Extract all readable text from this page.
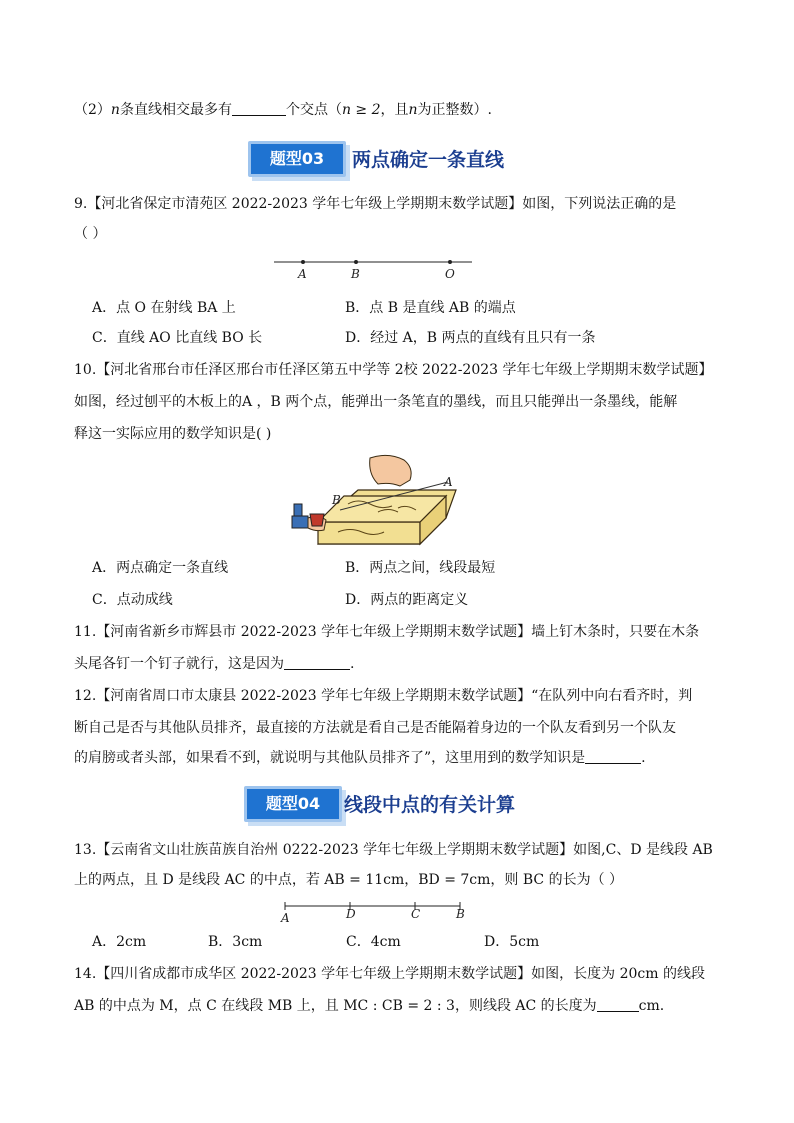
（2）n条直线相交最多有	个交点（n ≥ 2，且n为正整数）.
题型03	两点确定一条直线
9.【河北省保定市清苑区 2022-2023 学年七年级上学期期末数学试题】如图，下列说法正确的是
（ ）
A	B	O
A．点 O 在射线 BA 上	B．点 B 是直线 AB 的端点
C．直线 AO 比直线 BO 长	D．经过 A，B 两点的直线有且只有一条
10.【河北省邢台市任泽区邢台市任泽区第五中学等 2校 2022-2023 学年七年级上学期期末数学试题】
如图，经过刨平的木板上的A ，B 两个点，能弹出一条笔直的墨线，而且只能弹出一条墨线，能解
释这一实际应用的数学知识是( )
B
A
A．两点确定一条直线	B．两点之间，线段最短
C．点动成线	D．两点的距离定义
11.【河南省新乡市辉县市 2022-2023 学年七年级上学期期末数学试题】墙上钉木条时，只要在木条
头尾各钉一个钉子就行，这是因为	.
12.【河南省周口市太康县 2022-2023 学年七年级上学期期末数学试题】“在队列中向右看齐时，判
断自己是否与其他队员排齐，最直接的方法就是看自己是否能隔着身边的一个队友看到另一个队友
的肩膀或者头部，如果看不到，就说明与其他队员排齐了”，这里用到的数学知识是	.
题型04	线段中点的有关计算
13.【云南省文山壮族苗族自治州 0222-2023 学年七年级上学期期末数学试题】如图,C、D 是线段 AB
上的两点，且 D 是线段 AC 的中点，若 AB = 11cm，BD = 7cm，则 BC 的长为（ ）
A	D	C	B
A．2cm	B．3cm	C．4cm	D．5cm
14.【四川省成都市成华区 2022-2023 学年七年级上学期期末数学试题】如图，长度为 20cm 的线段
AB 的中点为 M，点 C 在线段 MB 上，且 MC : CB = 2 : 3，则线段 AC 的长度为	cm.
